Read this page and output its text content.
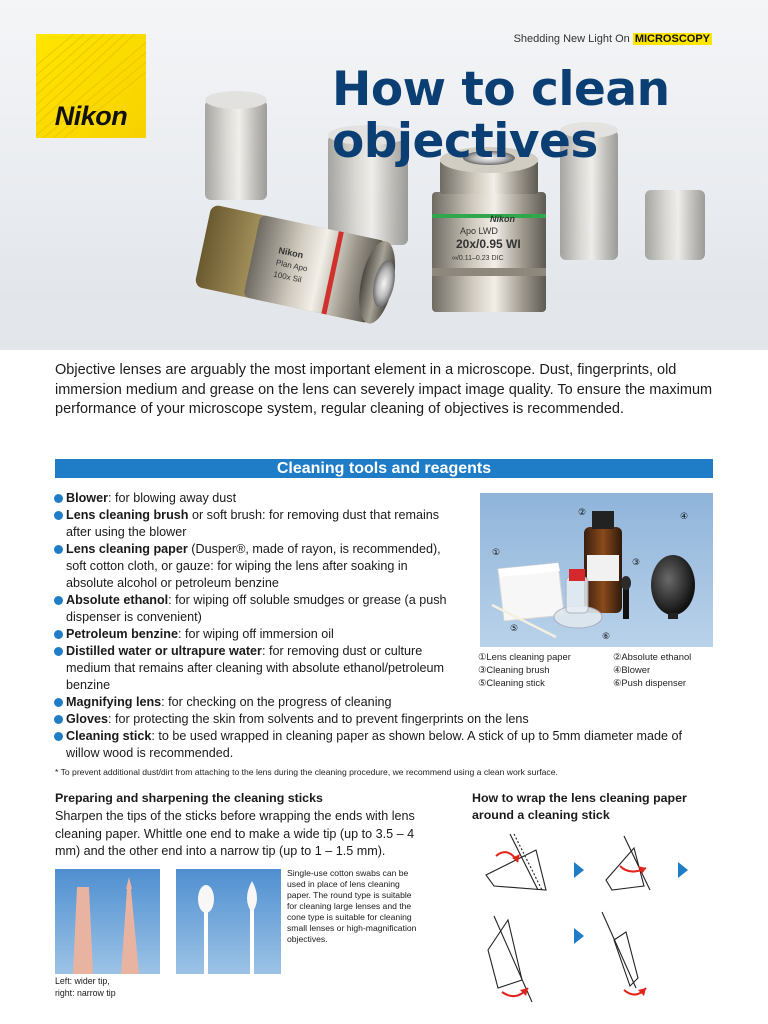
Nikon
Apo LWD
20x/0.95 WI
∞/0.11–0.23 DIC
Nikon
Plan Apo
100x Sil
Nikon
Shedding New Light On MICROSCOPY
How to clean
objectives

Objective lenses are arguably the most important element in a microscope. Dust, fingerprints, old immersion medium and grease on the lens can severely impact image quality. To ensure the maximum performance of your microscope system, regular cleaning of objectives is recommended.

Cleaning tools and reagents
Blower: for blowing away dust
Lens cleaning brush or soft brush: for removing dust that remains after using the blower
Lens cleaning paper (Dusper®, made of rayon, is recommended), soft cotton cloth, or gauze: for wiping the lens after soaking in absolute alcohol or petroleum benzine
Absolute ethanol: for wiping off soluble smudges or grease (a push dispenser is convenient)
Petroleum benzine: for wiping off immersion oil
Distilled water or ultrapure water: for removing dust or culture medium that remains after cleaning with absolute ethanol/petroleum benzine
Magnifying lens: for checking on the progress of cleaning
Gloves: for protecting the skin from solvents and to prevent fingerprints on the lens
Cleaning stick: to be used wrapped in cleaning paper as shown below. A stick of up to 5mm diameter made of willow wood is recommended.
①
②
③
④
⑤
⑥
①Lens cleaning paper	②Absolute ethanol
③Cleaning brush	④Blower
⑤Cleaning stick	⑥Push dispenser
* To prevent additional dust/dirt from attaching to the lens during the cleaning procedure, we recommend using a clean work surface.
Preparing and sharpening the cleaning sticks

Sharpen the tips of the sticks before wrapping the ends with lens cleaning paper. Whittle one end to make a wide tip (up to 3.5 – 4 mm) and the other end into a narrow tip (up to 1 – 1.5 mm).

Left: wider tip,
right: narrow tip

Single-use cotton swabs can be used in place of lens cleaning paper. The round type is suitable for cleaning large lenses and the cone type is suitable for cleaning small lenses or high-magnification objectives.

How to wrap the lens cleaning paper
around a cleaning stick
